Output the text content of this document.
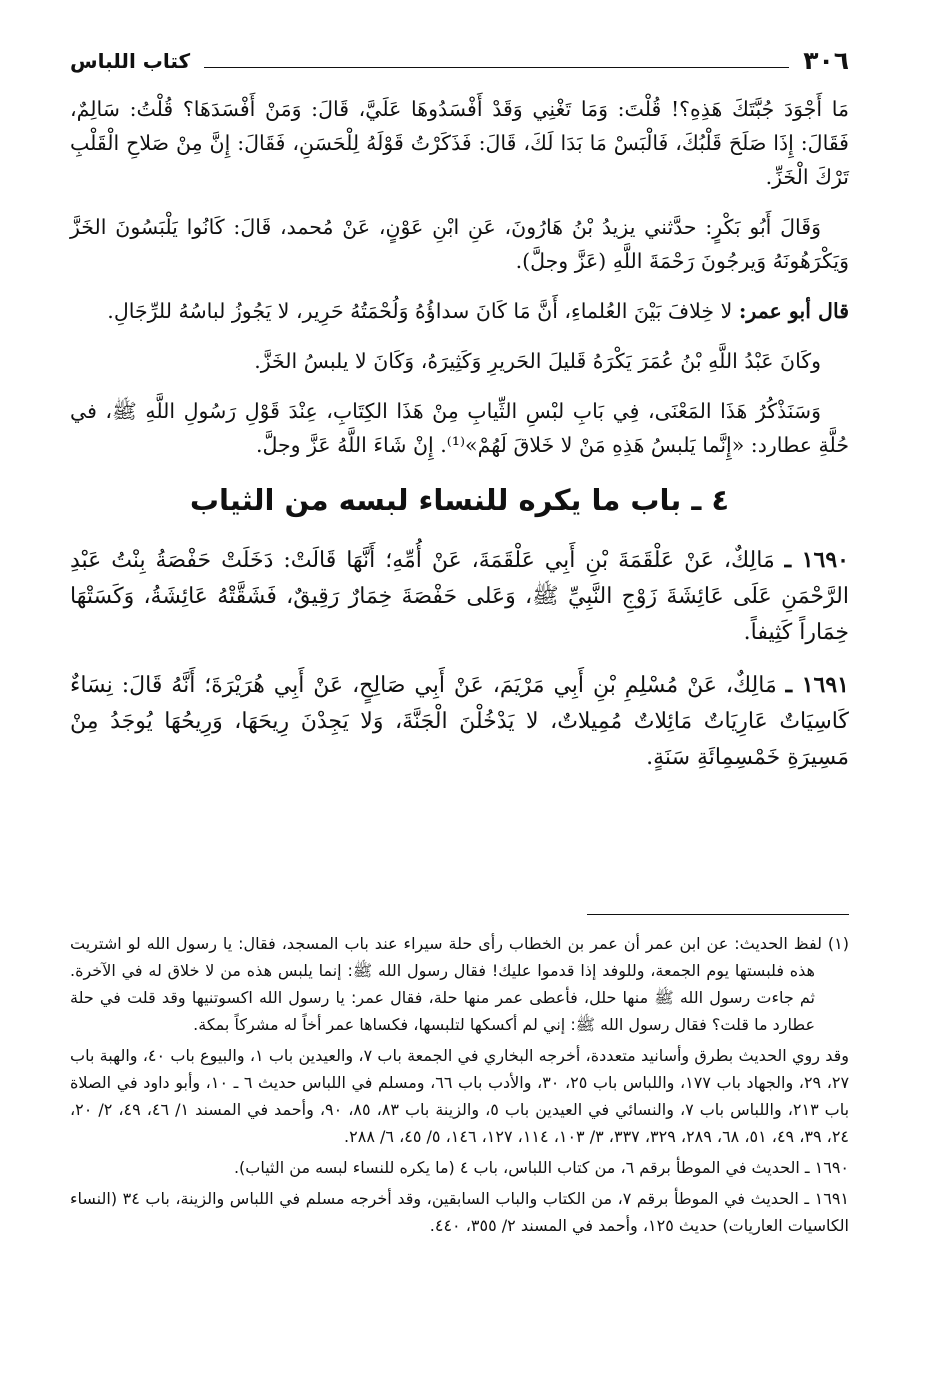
٣٠٦
كتاب اللباس

مَا أَجْوَدَ جُبَّتَكَ هَذِهِ؟! قُلْتَ: وَمَا تَغْنِي وَقَدْ أَفْسَدُوهَا عَلَيَّ، قَالَ: وَمَنْ أَفْسَدَهَا؟ قُلْتُ: سَالِمٌ، فَقَالَ: إِذَا صَلَحَ قَلْبُكَ، فَالْبَسْ مَا بَدَا لَكَ، قَالَ: فَذَكَرْتُ قَوْلَهُ لِلْحَسَنِ، فَقَالَ: إِنَّ مِنْ صَلاحِ الْقَلْبِ تَرْكَ الْخَزِّ.

وَقَالَ أَبُو بَكْرٍ: حدَّثني يزيدُ بْنُ هَارُونَ، عَنِ ابْنِ عَوْنٍ، عَنْ مُحمد، قَالَ: كَانُوا يَلْبَسُونَ الخَزَّ وَيَكْرَهُونَهُ وَيرجُونَ رَحْمَةَ اللَّهِ (عَزَّ وجلَّ).

قال أبو عمر: لا خِلافَ بَيْنَ العُلماءِ، أَنَّ مَا كَانَ سداؤُهُ وَلُحْمَتُهُ حَرِير، لا يَجُوزُ لباسُهُ للرِّجَالِ.

وكَانَ عَبْدُ اللَّهِ بْنُ عُمَرَ يَكْرَهُ قَليلَ الحَريرِ وَكَثِيرَهُ، وَكَانَ لا يلبسُ الخَزَّ.

وَسَنَذْكُرُ هَذَا المَعْنَى، فِي بَابِ لبْسِ الثِّيابِ مِنْ هَذَا الكِتَابِ، عِنْدَ قَوْلِ رَسُولِ اللَّهِ ﷺ، في حُلَّةِ عطارد: «إِنَّما يَلبسُ هَذِهِ مَنْ لا خَلاقَ لَهُمْ»⁽¹⁾. إِنْ شَاءَ اللَّهُ عَزَّ وجلَّ.

٤ ـ باب ما يكره للنساء لبسه من الثياب

١٦٩٠ ـ مَالِكٌ، عَنْ عَلْقَمَةَ بْنِ أَبِي عَلْقَمَةَ، عَنْ أُمِّهِ؛ أَنَّهَا قَالَتْ: دَخَلَتْ حَفْصَةُ بِنْتُ عَبْدِ الرَّحْمَنِ عَلَى عَائِشَةَ زَوْجِ النَّبِيِّ ﷺ، وَعَلى حَفْصَةَ خِمَارٌ رَقِيقٌ، فَشَقَّتْهُ عَائِشَةُ، وَكَسَتْهَا خِمَاراً كَثِيفاً.

١٦٩١ ـ مَالِكٌ، عَنْ مُسْلِمِ بْنِ أَبِي مَرْيَمَ، عَنْ أَبِي صَالِحٍ، عَنْ أَبِي هُرَيْرَةَ؛ أَنَّهُ قَالَ: نِسَاءٌ كَاسِيَاتٌ عَارِيَاتٌ مَائِلاتٌ مُمِيلاتٌ، لا يَدْخُلْنَ الْجَنَّةَ، وَلا يَجِدْنَ رِيحَهَا، وَرِيحُهَا يُوجَدُ مِنْ مَسِيرَةِ خَمْسِمِائَةِ سَنَةٍ.

(١) لفظ الحديث: عن ابن عمر أن عمر بن الخطاب رأى حلة سيراء عند باب المسجد، فقال: يا رسول الله لو اشتريت هذه فلبستها يوم الجمعة، وللوفد إذا قدموا عليك! فقال رسول الله ﷺ: إنما يلبس هذه من لا خلاق له في الآخرة. ثم جاءت رسول الله ﷺ منها حلل، فأعطى عمر منها حلة، فقال عمر: يا رسول الله اكسوتنيها وقد قلت في حلة عطارد ما قلت؟ فقال رسول الله ﷺ: إني لم أكسكها لتلبسها، فكساها عمر أخاً له مشركاً بمكة.

وقد روي الحديث بطرق وأسانيد متعددة، أخرجه البخاري في الجمعة باب ٧، والعيدين باب ١، والبيوع باب ٤٠، والهبة باب ٢٧، ٢٩، والجهاد باب ١٧٧، واللباس باب ٢٥، ٣٠، والأدب باب ٦٦، ومسلم في اللباس حديث ٦ ـ ١٠، وأبو داود في الصلاة باب ٢١٣، واللباس باب ٧، والنسائي في العيدين باب ٥، والزينة باب ٨٣، ٨٥، ٩٠، وأحمد في المسند ١/ ٤٦، ٤٩، ٢/ ٢٠، ٢٤، ٣٩، ٤٩، ٥١، ٦٨، ٢٨٩، ٣٢٩، ٣٣٧، ٣/ ١٠٣، ١١٤، ١٢٧، ١٤٦، ٥/ ٤٥، ٦/ ٢٨٨.

١٦٩٠ ـ الحديث في الموطأ برقم ٦، من كتاب اللباس، باب ٤ (ما يكره للنساء لبسه من الثياب).

١٦٩١ ـ الحديث في الموطأ برقم ٧، من الكتاب والباب السابقين، وقد أخرجه مسلم في اللباس والزينة، باب ٣٤ (النساء الكاسيات العاريات) حديث ١٢٥، وأحمد في المسند ٢/ ٣٥٥، ٤٤٠.
